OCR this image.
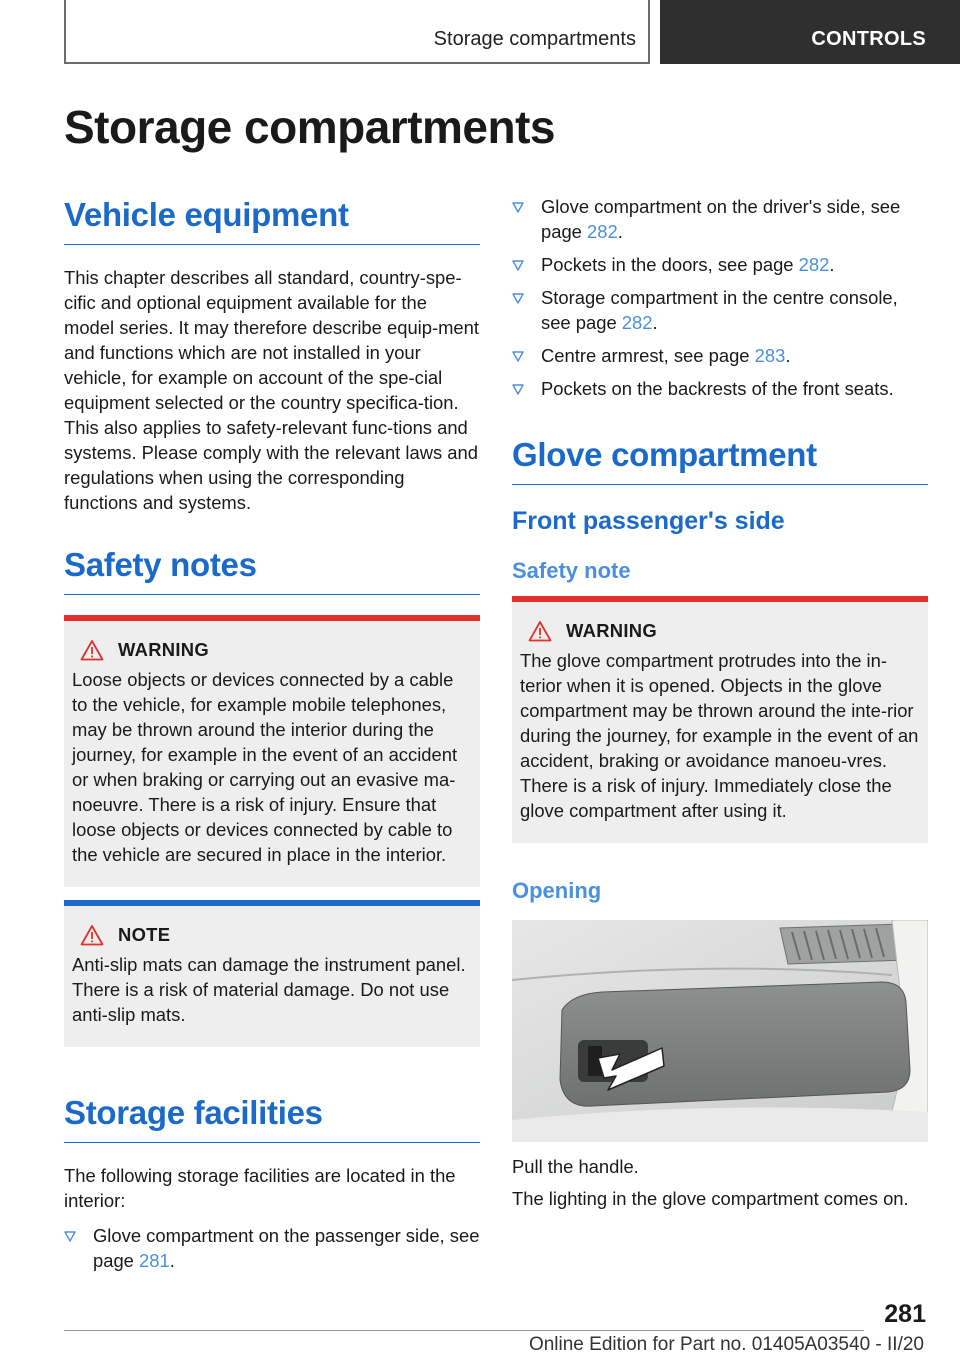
Storage compartments	CONTROLS
Storage compartments
Vehicle equipment

This chapter describes all standard, country-spe-cific and optional equipment available for the model series. It may therefore describe equip-ment and functions which are not installed in your vehicle, for example on account of the spe-cial equipment selected or the country specifica-tion. This also applies to safety-relevant func-tions and systems. Please comply with the relevant laws and regulations when using the corresponding functions and systems.

Safety notes
WARNING

Loose objects or devices connected by a cable to the vehicle, for example mobile telephones, may be thrown around the interior during the journey, for example in the event of an accident or when braking or carrying out an evasive ma-noeuvre. There is a risk of injury. Ensure that loose objects or devices connected by cable to the vehicle are secured in place in the interior.

NOTE

Anti-slip mats can damage the instrument panel. There is a risk of material damage. Do not use anti-slip mats.

Storage facilities

The following storage facilities are located in the interior:

Glove compartment on the passenger side, see page 281.
Glove compartment on the driver's side, see page 282.
Pockets in the doors, see page 282.
Storage compartment in the centre console, see page 282.
Centre armrest, see page 283.
Pockets on the backrests of the front seats.
Glove compartment
Front passenger's side
Safety note
WARNING

The glove compartment protrudes into the in-terior when it is opened. Objects in the glove compartment may be thrown around the inte-rior during the journey, for example in the event of an accident, braking or avoidance manoeu-vres. There is a risk of injury. Immediately close the glove compartment after using it.

Opening

Pull the handle.

The lighting in the glove compartment comes on.

281
Online Edition for Part no. 01405A03540 - II/20
